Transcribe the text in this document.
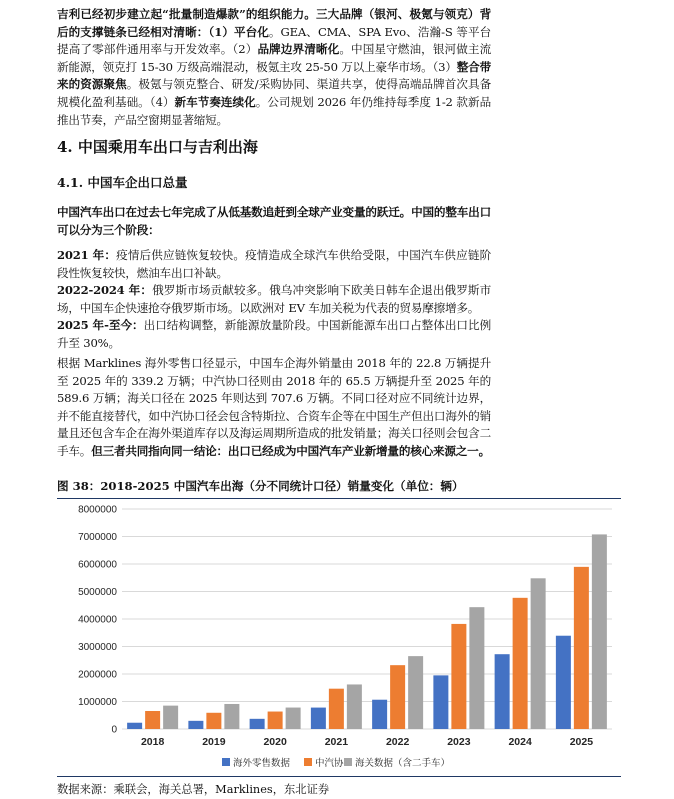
吉利已经初步建立起“批量制造爆款”的组织能力。三大品牌（银河、极氪与领克）背后的支撑链条已经相对清晰：（1）平台化。GEA、CMA、SPA Evo、浩瀚-S 等平台提高了零部件通用率与开发效率。（2）品牌边界清晰化。中国星守燃油，银河做主流新能源，领克打 15-30 万级高端混动，极氪主攻 25-50 万以上豪华市场。（3）整合带来的资源聚焦。极氪与领克整合、研发/采购协同、渠道共享，使得高端品牌首次具备规模化盈利基础。（4）新车节奏连续化。公司规划 2026 年仍维持每季度 1-2 款新品推出节奏，产品空窗期显著缩短。
4. 中国乘用车出口与吉利出海
4.1. 中国车企出口总量
中国汽车出口在过去七年完成了从低基数追赶到全球产业变量的跃迁。中国的整车出口可以分为三个阶段：
2021 年：疫情后供应链恢复较快。疫情造成全球汽车供给受限，中国汽车供应链阶段性恢复较快，燃油车出口补缺。
2022-2024 年：俄罗斯市场贡献较多。俄乌冲突影响下欧美日韩车企退出俄罗斯市场，中国车企快速抢夺俄罗斯市场。以欧洲对 EV 车加关税为代表的贸易摩擦增多。
2025 年-至今：出口结构调整，新能源放量阶段。中国新能源车出口占整体出口比例升至 30%。
根据 Marklines 海外零售口径显示，中国车企海外销量由 2018 年的 22.8 万辆提升至 2025 年的 339.2 万辆；中汽协口径则由 2018 年的 65.5 万辆提升至 2025 年的 589.6 万辆；海关口径在 2025 年则达到 707.6 万辆。不同口径对应不同统计边界，并不能直接替代，如中汽协口径会包含特斯拉、合资车企等在中国生产但出口海外的销量且还包含车企在海外渠道库存以及海运周期所造成的批发销量；海关口径则会包含二手车。但三者共同指向同一结论：出口已经成为中国汽车产业新增量的核心来源之一。
图 38：2018-2025 中国汽车出海（分不同统计口径）销量变化（单位：辆）
0
1000000
2000000
3000000
4000000
5000000
6000000
7000000
8000000
2018	2019	2020	2021	2022	2023	2024	2025
海外零售数据	中汽协 海关数据（含二手车）
数据来源：乘联会，海关总署，Marklines，东北证券
